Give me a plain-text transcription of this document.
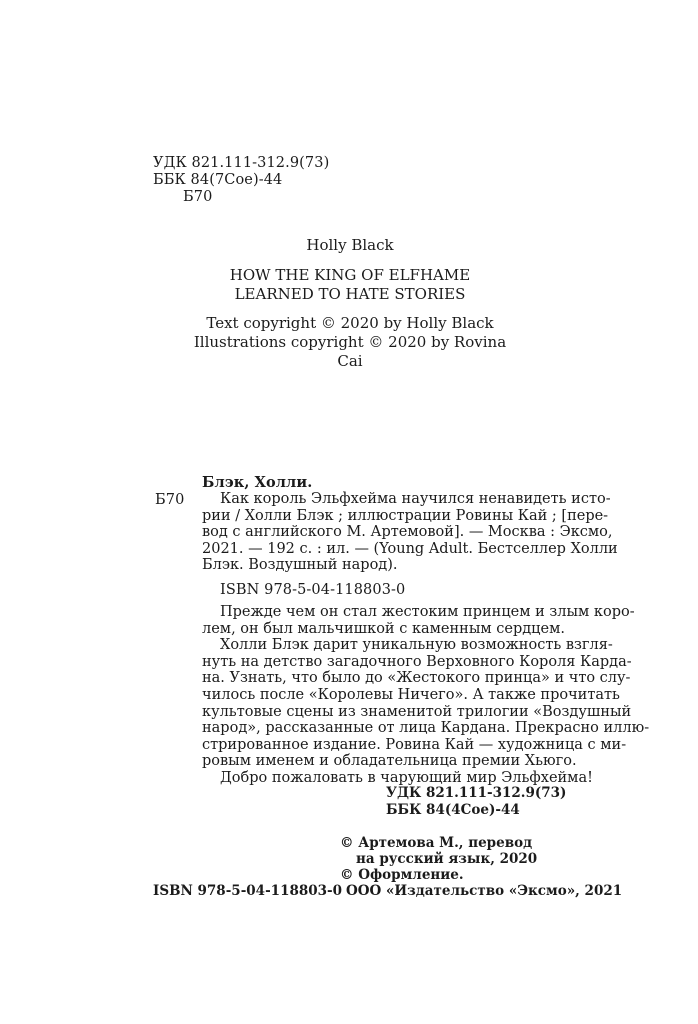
УДК 821.111-312.9(73)
ББК 84(7Сое)-44
Б70
Holly Black
HOW THE KING OF ELFHAME
LEARNED TO HATE STORIES
Text copyright © 2020 by Holly Black
Illustrations copyright © 2020 by Rovina Cai
Блэк, Холли.
Б70	Как король Эльфхейма научился ненавидеть исто-
рии / Холли Блэк ; иллюстрации Ровины Кай ; [пере-
вод с английского М. Артемовой]. — Москва : Эксмо,
2021. — 192 с. : ил. — (Young Adult. Бестселлер Холли
Блэк. Воздушный народ).
ISBN 978-5-04-118803-0
Прежде чем он стал жестоким принцем и злым коро-
лем, он был мальчишкой с каменным сердцем.
Холли Блэк дарит уникальную возможность взгля-
нуть на детство загадочного Верховного Короля Карда-
на. Узнать, что было до «Жестокого принца» и что слу-
чилось после «Королевы Ничего». А также прочитать
культовые сцены из знаменитой трилогии «Воздушный
народ», рассказанные от лица Кардана. Прекрасно иллю-
стрированное издание. Ровина Кай — художница с ми-
ровым именем и обладательница премии Хьюго.
Добро пожаловать в чарующий мир Эльфхейма!
УДК 821.111-312.9(73)
ББК 84(4Сое)-44
© Артемова М., перевод
на русский язык, 2020
© Оформление.
ISBN 978-5-04-118803-0 ООО «Издательство «Эксмо», 2021
